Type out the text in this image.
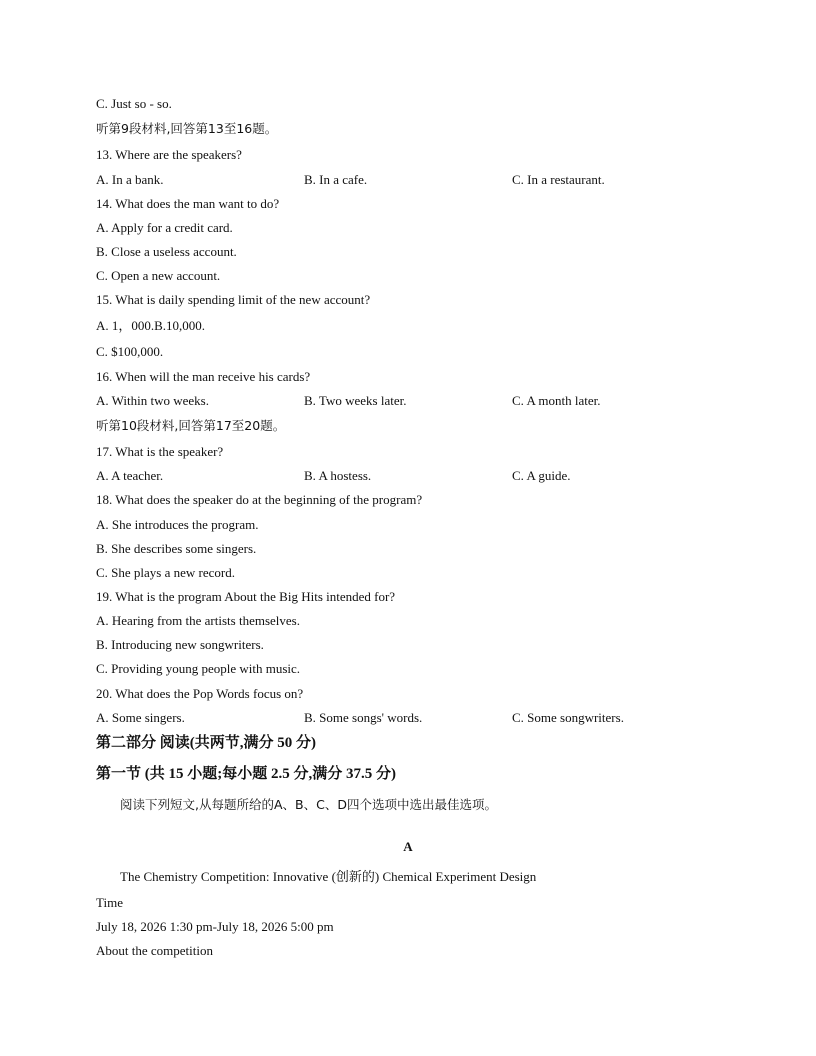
C. Just so - so.
听第9段材料,回答第13至16题。
13. Where are the speakers?
A. In a bank.	B. In a cafe.	C. In a restaurant.
14. What does the man want to do?
A. Apply for a credit card.
B. Close a useless account.
C. Open a new account.
15. What is daily spending limit of the new account?
A. 1，000.B.10,000.
C. $100,000.
16. When will the man receive his cards?
A. Within two weeks.	B. Two weeks later.	C. A month later.
听第10段材料,回答第17至20题。
17. What is the speaker?
A. A teacher.	B. A hostess.	C. A guide.
18. What does the speaker do at the beginning of the program?
A. She introduces the program.
B. She describes some singers.
C. She plays a new record.
19. What is the program About the Big Hits intended for?
A. Hearing from the artists themselves.
B. Introducing new songwriters.
C. Providing young people with music.
20. What does the Pop Words focus on?
A. Some singers.	B. Some songs' words.	C. Some songwriters.
第二部分 阅读(共两节,满分 50 分)
第一节 (共 15 小题;每小题 2.5 分,满分 37.5 分)
阅读下列短文,从每题所给的A、B、C、D四个选项中选出最佳选项。
A
The Chemistry Competition: Innovative (创新的) Chemical Experiment Design
Time
July 18, 2026 1:30 pm-July 18, 2026 5:00 pm
About the competition
